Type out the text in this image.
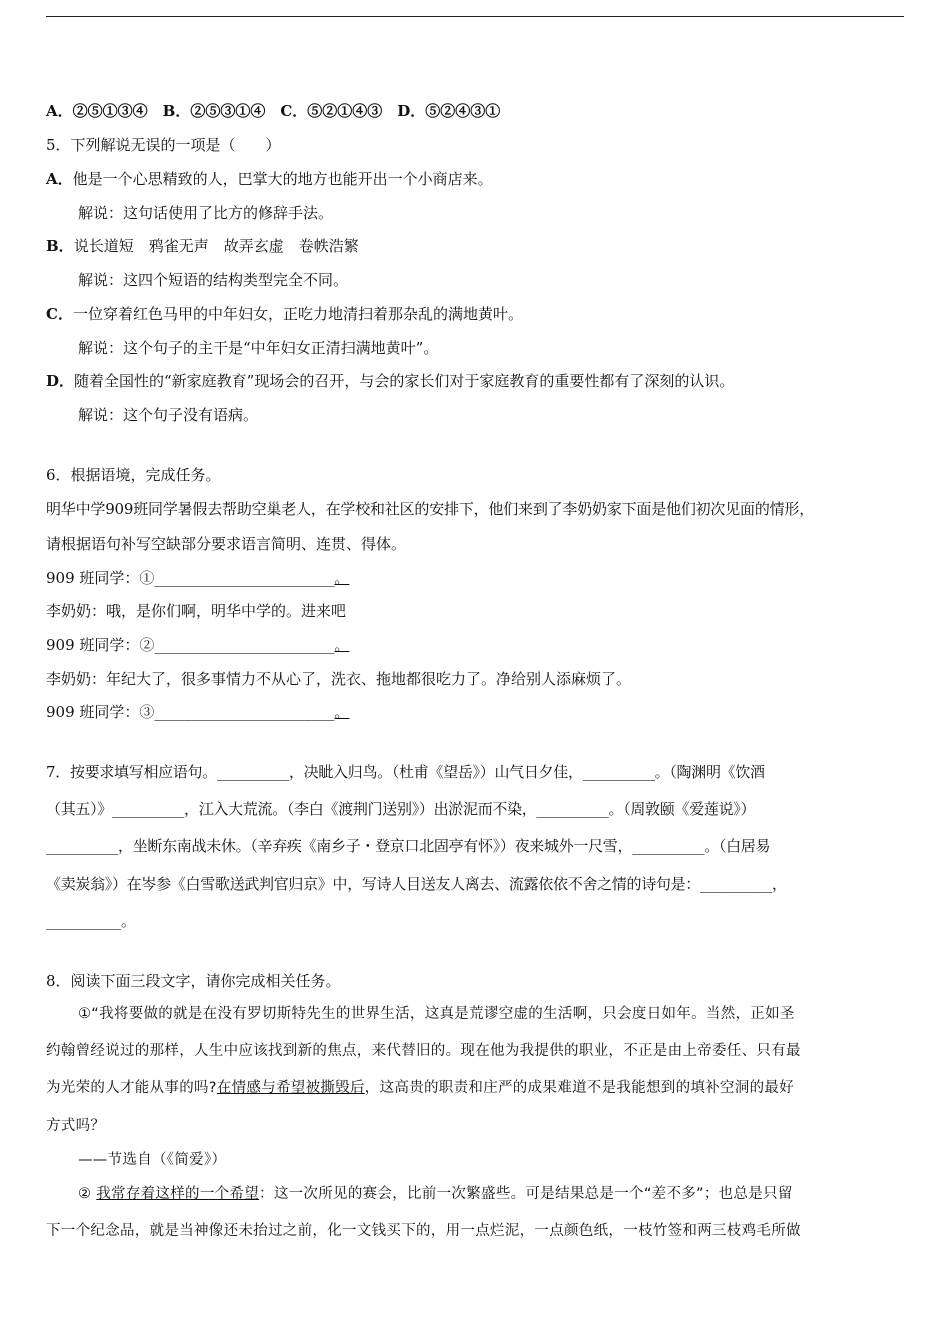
A．②⑤①③④　B．②⑤③①④　C．⑤②①④③　D．⑤②④③①
5．下列解说无误的一项是（　　）
A．他是一个心思精致的人，巴掌大的地方也能开出一个小商店来。
解说：这句话使用了比方的修辞手法。
B．说长道短　鸦雀无声　故弄玄虚　卷帙浩繁
解说：这四个短语的结构类型完全不同。
C．一位穿着红色马甲的中年妇女，正吃力地清扫着那杂乱的满地黄叶。
解说：这个句子的主干是“中年妇女正清扫满地黄叶”。
D．随着全国性的“新家庭教育”现场会的召开，与会的家长们对于家庭教育的重要性都有了深刻的认识。
解说：这个句子没有语病。
6．根据语境，完成任务。
明华中学909班同学暑假去帮助空巢老人，在学校和社区的安排下，他们来到了李奶奶家下面是他们初次见面的情形，
请根据语句补写空缺部分要求语言简明、连贯、得体。
909 班同学：①________________________。
李奶奶：哦，是你们啊，明华中学的。进来吧
909 班同学：②________________________。
李奶奶：年纪大了，很多事情力不从心了，洗衣、拖地都很吃力了。净给别人添麻烦了。
909 班同学：③________________________。
7．按要求填写相应语句。__________，决眦入归鸟。（杜甫《望岳》）山气日夕佳，__________。（陶渊明《饮酒
（其五）》__________，江入大荒流。（李白《渡荆门送别》）出淤泥而不染，__________。（周敦颐《爱莲说》）
__________，坐断东南战未休。（辛弃疾《南乡子・登京口北固亭有怀》）夜来城外一尺雪，__________。（白居易
《卖炭翁》）在岑参《白雪歌送武判官归京》中，写诗人目送友人离去、流露依依不舍之情的诗句是：__________，
__________。
8．阅读下面三段文字，请你完成相关任务。
①“我将要做的就是在没有罗切斯特先生的世界生活，这真是荒谬空虚的生活啊，只会度日如年。当然，正如圣
约翰曾经说过的那样，人生中应该找到新的焦点，来代替旧的。现在他为我提供的职业，不正是由上帝委任、只有最
为光荣的人才能从事的吗?在情感与希望被撕毁后，这高贵的职责和庄严的成果难道不是我能想到的填补空洞的最好
方式吗？
——节选自（《简爱》）
② 我常存着这样的一个希望：这一次所见的赛会，比前一次繁盛些。可是结果总是一个“差不多”；也总是只留
下一个纪念品，就是当神像还未抬过之前，化一文钱买下的，用一点烂泥，一点颜色纸，一枝竹签和两三枝鸡毛所做
